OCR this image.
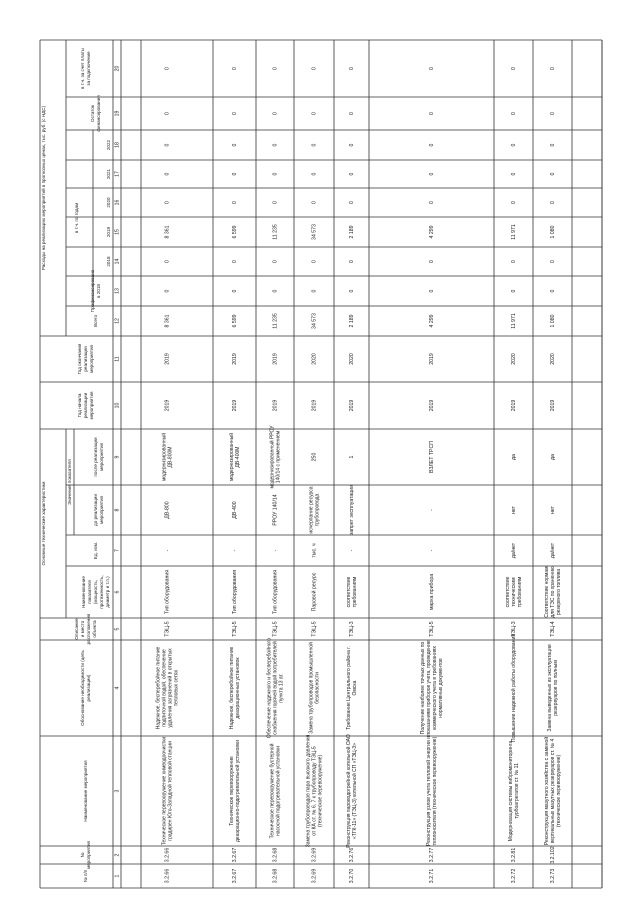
Расходы на реализацию мероприятий в прогнозных ценах, тыс. руб. (с НДС)
Основные технические характеристики	Значение показателя
в т.ч. по годам
№ п/п
№ мероприятия
Наименование мероприятия
Обоснование необходимости (цель реализации)
Описание и место расположения объекта
Наименование показателя (мощность, протяженность, диаметр и т.п.)
Ед. изм.
до реализации мероприятия
после реализации мероприятия
Год начала реализации мероприятия
Год окончания реализации мероприятия
Всего
Профинансировано в 2018
2018
2019
2020
2021
2022
Остаток финансирования
в т.ч. за счет платы за подключение
1
2
3
4
5
6
7
8
9
10
11
12
13
14
15
16
17
18
19
20
3.2.66
3.2.66
Техническое перевооружение химводоочистки градирен Юго-Западной тепловой станции
Надежное, бесперебойное питание подпиточной водой, обеспечение удаления загрязнений в открытых тепловых сетях
ТЭЦ-5
Тип оборудования
-
ДВ-800
модернизированный ДВ-800М
2019
2019
8 361
0
0
8 361
0
0
0
0
0
3.2.67
3.2.67
Техническое перевооружение деаэрационно-подогревательной установки
Надежное, бесперебойное питание деаэрационных установок
ТЭЦ-5
Тип оборудования
-
ДВ-400
модернизированный ДВ-400М
2019
2019
6 599
0
0
6 599
0
0
0
0
0
3.2.68
3.2.68
Техническое перевооружение бустерной насосной подогревательной установки
Обеспечение надежного и бесперебойного снабжения горячей водой потребителей пункта 13 ат.
ТЭЦ-5
Тип оборудования
-
РРОУ 140/14
модернизированный РРОУ 140/14 с применением
2019
2019
11 235
0
0
11 235
0
0
0
0
0
3.2.69
3.2.69
Замена трубопроводов пара высокого давления от КА ст. № 6, 7 к трубопроводу ТЭЦ-5 (техническое перевооружение)
Замена трубопроводов промышленной безопасности
ТЭЦ-5
Паровой ресурс
тыс. ч
исчерпание ресурса трубопровода
250
2019
2020
34 573
0
0
34 573
0
0
0
0
0
3.2.70
3.2.76
Реконструкция пароводогрейной котельной ОАО «ТГК-11» (ТЭЦ-3) котельной СП «ТЭЦ-3»
Требование Центрального района г. Омска
ТЭЦ-3
соответствие требованиям
-
запрет эксплуатации
1
2019
2020
2 189
0
0
2 189
0
0
0
0
0
3.2.71
3.2.77
Реконструкция узлов учета тепловой энергии и теплоносителя (техническое перевооружение)
Получение наиболее точных данных по показаниям приборов учета, проведение коммерческого учета в требованиях нормативных документов
ТЭЦ-5
марка прибора
-
-
ВЗЛЕТ ТРСП
2019
2019
4 299
0
0
4 299
0
0
0
0
0
3.2.72
3.2.81
Модернизация системы вибромониторинга турбоагрегатов ст. № 11
Повышение надежной работы оборудования
ТЭЦ-3
соответствие техническим требованиям
да/нет
нет
да
2019
2020
11 971
0
0
11 971
0
0
0
0
0
3.2.73
3.2.102
Реконструкция мазутного хозяйства с заменой вертикальных мазутных резервуаров ст. № 4 (техническое перевооружение)
Замена выведенных из эксплуатации резервуаров по полным
ТЭЦ-4
Соответствие нормам для ТЭС по хранению резервного топлива
да/нет
нет
да
2019
2020
1 080
0
0
1 080
0
0
0
0
0
